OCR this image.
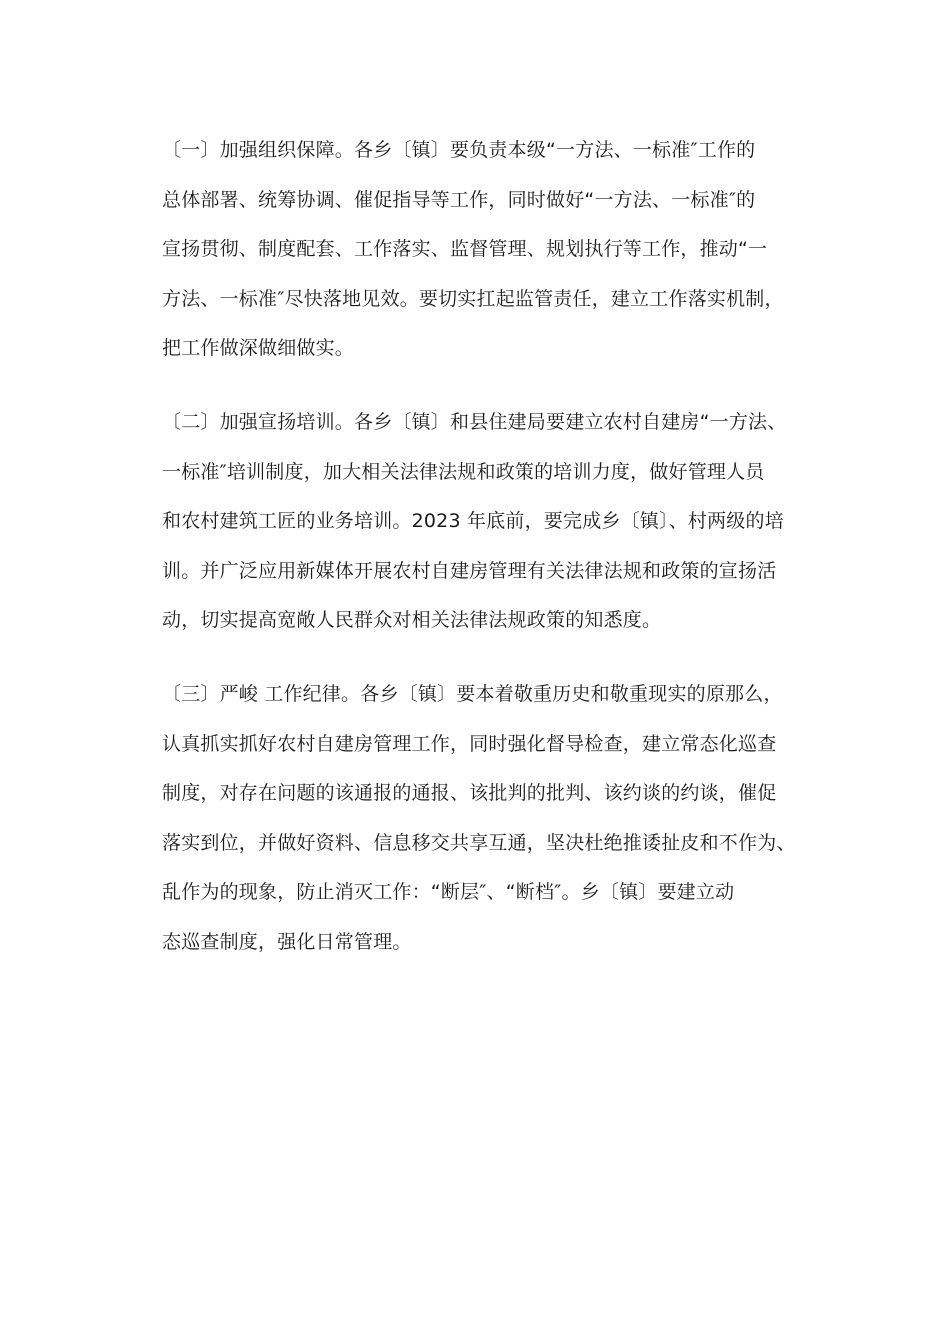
〔一〕加强组织保障。各乡〔镇〕要负责本级“一方法、一标准″工作的
总体部署、统筹协调、催促指导等工作，同时做好“一方法、一标准″的
宣扬贯彻、制度配套、工作落实、监督管理、规划执行等工作，推动“一
方法、一标准″尽快落地见效。要切实扛起监管责任，建立工作落实机制，
把工作做深做细做实。

〔二〕加强宣扬培训。各乡〔镇〕和县住建局要建立农村自建房“一方法、
一标准″培训制度，加大相关法律法规和政策的培训力度，做好管理人员
和农村建筑工匠的业务培训。2023 年底前，要完成乡〔镇〕、村两级的培
训。并广泛应用新媒体开展农村自建房管理有关法律法规和政策的宣扬活
动，切实提高宽敞人民群众对相关法律法规政策的知悉度。

〔三〕严峻 工作纪律。各乡〔镇〕要本着敬重历史和敬重现实的原那么，
认真抓实抓好农村自建房管理工作，同时强化督导检查，建立常态化巡查
制度，对存在问题的该通报的通报、该批判的批判、该约谈的约谈，催促
落实到位，并做好资料、信息移交共享互通，坚决杜绝推诿扯皮和不作为、
乱作为的现象，防止消灭工作：“断层″、“断档″。乡〔镇〕要建立动
态巡查制度，强化日常管理。
